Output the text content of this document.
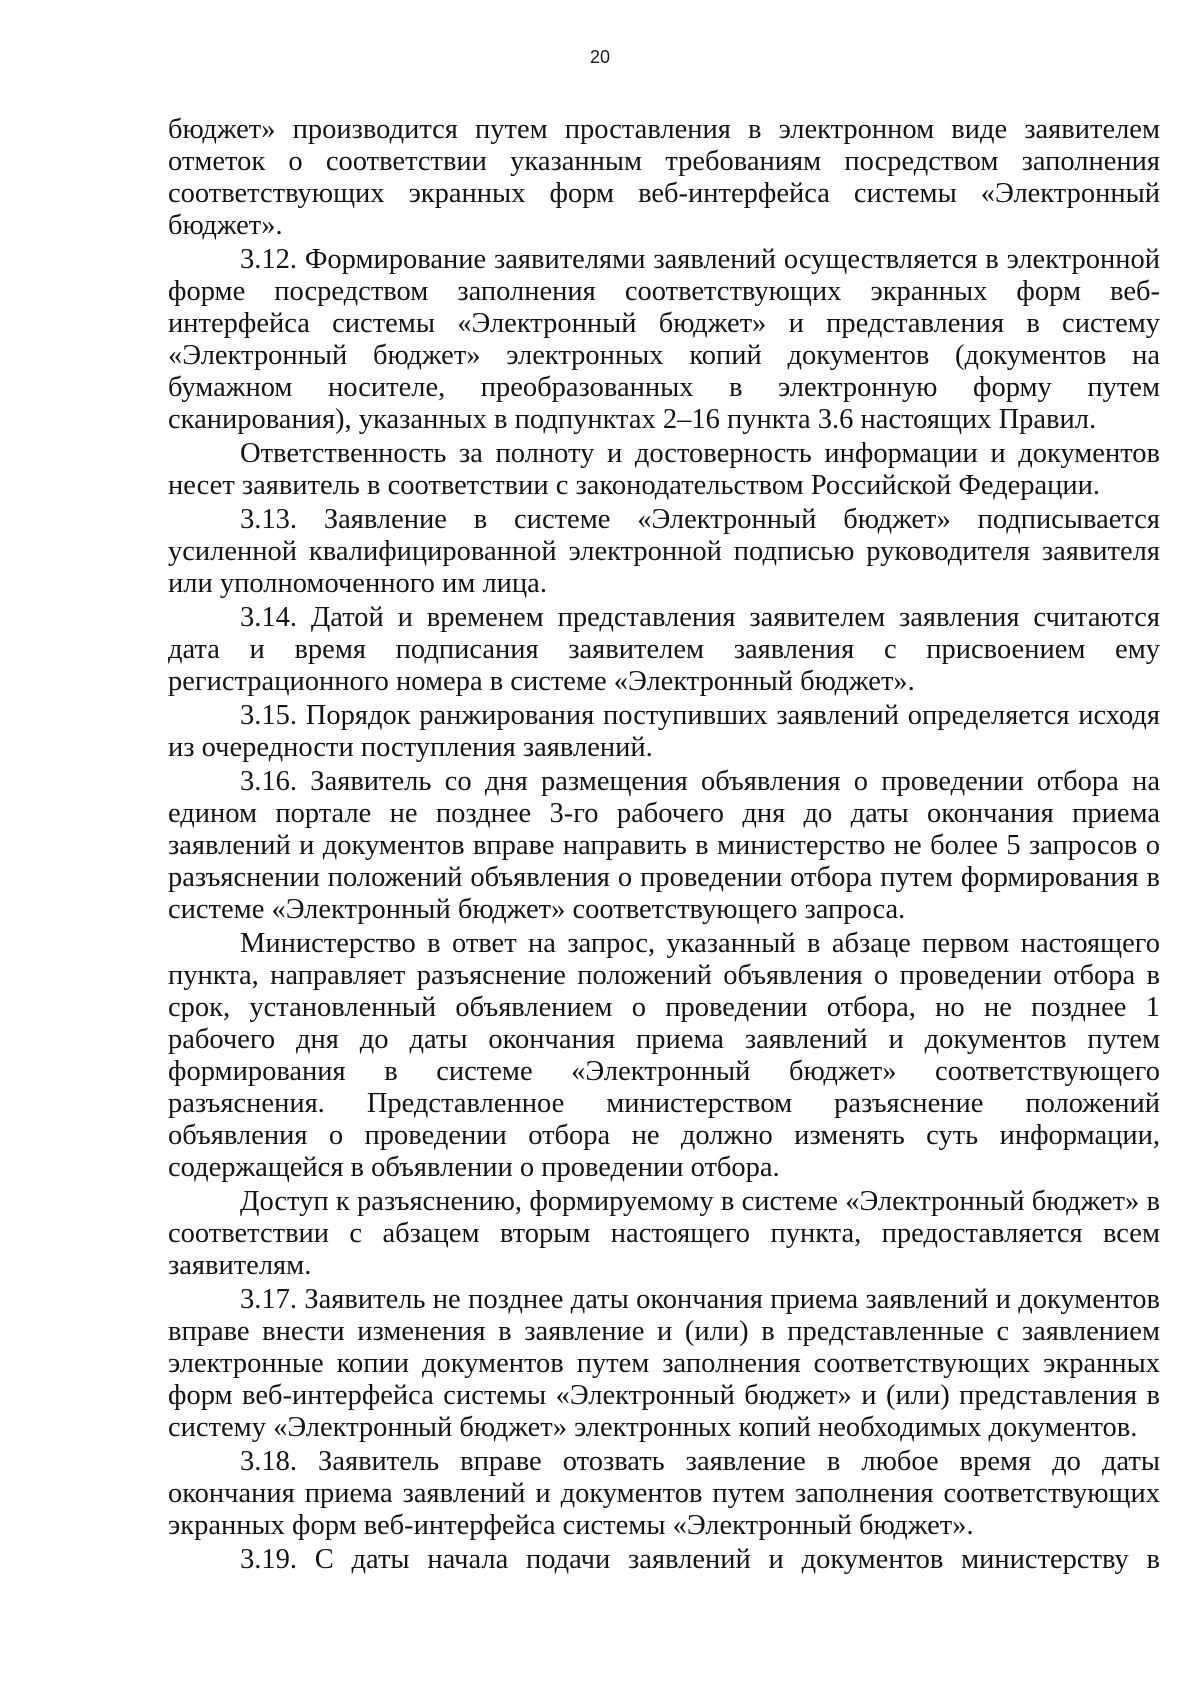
20

бюджет» производится путем проставления в электронном виде заявителем отметок о соответствии указанным требованиям посредством заполнения соответствующих экранных форм веб-интерфейса системы «Электронный бюджет».

3.12. Формирование заявителями заявлений осуществляется в электронной форме посредством заполнения соответствующих экранных форм веб-интерфейса системы «Электронный бюджет» и представления в систему «Электронный бюджет» электронных копий документов (документов на бумажном носителе, преобразованных в электронную форму путем сканирования), указанных в подпунктах 2–16 пункта 3.6 настоящих Правил.

Ответственность за полноту и достоверность информации и документов несет заявитель в соответствии с законодательством Российской Федерации.

3.13. Заявление в системе «Электронный бюджет» подписывается усиленной квалифицированной электронной подписью руководителя заявителя или уполномоченного им лица.

3.14. Датой и временем представления заявителем заявления считаются дата и время подписания заявителем заявления с присвоением ему регистрационного номера в системе «Электронный бюджет».

3.15. Порядок ранжирования поступивших заявлений определяется исходя из очередности поступления заявлений.

3.16. Заявитель со дня размещения объявления о проведении отбора на едином портале не позднее 3-го рабочего дня до даты окончания приема заявлений и документов вправе направить в министерство не более 5 запросов о разъяснении положений объявления о проведении отбора путем формирования в системе «Электронный бюджет» соответствующего запроса.

Министерство в ответ на запрос, указанный в абзаце первом настоящего пункта, направляет разъяснение положений объявления о проведении отбора в срок, установленный объявлением о проведении отбора, но не позднее 1 рабочего дня до даты окончания приема заявлений и документов путем формирования в системе «Электронный бюджет» соответствующего разъяснения. Представленное министерством разъяснение положений объявления о проведении отбора не должно изменять суть информации, содержащейся в объявлении о проведении отбора.

Доступ к разъяснению, формируемому в системе «Электронный бюджет» в соответствии с абзацем вторым настоящего пункта, предоставляется всем заявителям.

3.17. Заявитель не позднее даты окончания приема заявлений и документов вправе внести изменения в заявление и (или) в представленные с заявлением электронные копии документов путем заполнения соответствующих экранных форм веб-интерфейса системы «Электронный бюджет» и (или) представления в систему «Электронный бюджет» электронных копий необходимых документов.

3.18. Заявитель вправе отозвать заявление в любое время до даты окончания приема заявлений и документов путем заполнения соответствующих экранных форм веб-интерфейса системы «Электронный бюджет».

3.19. С даты начала подачи заявлений и документов министерству в
